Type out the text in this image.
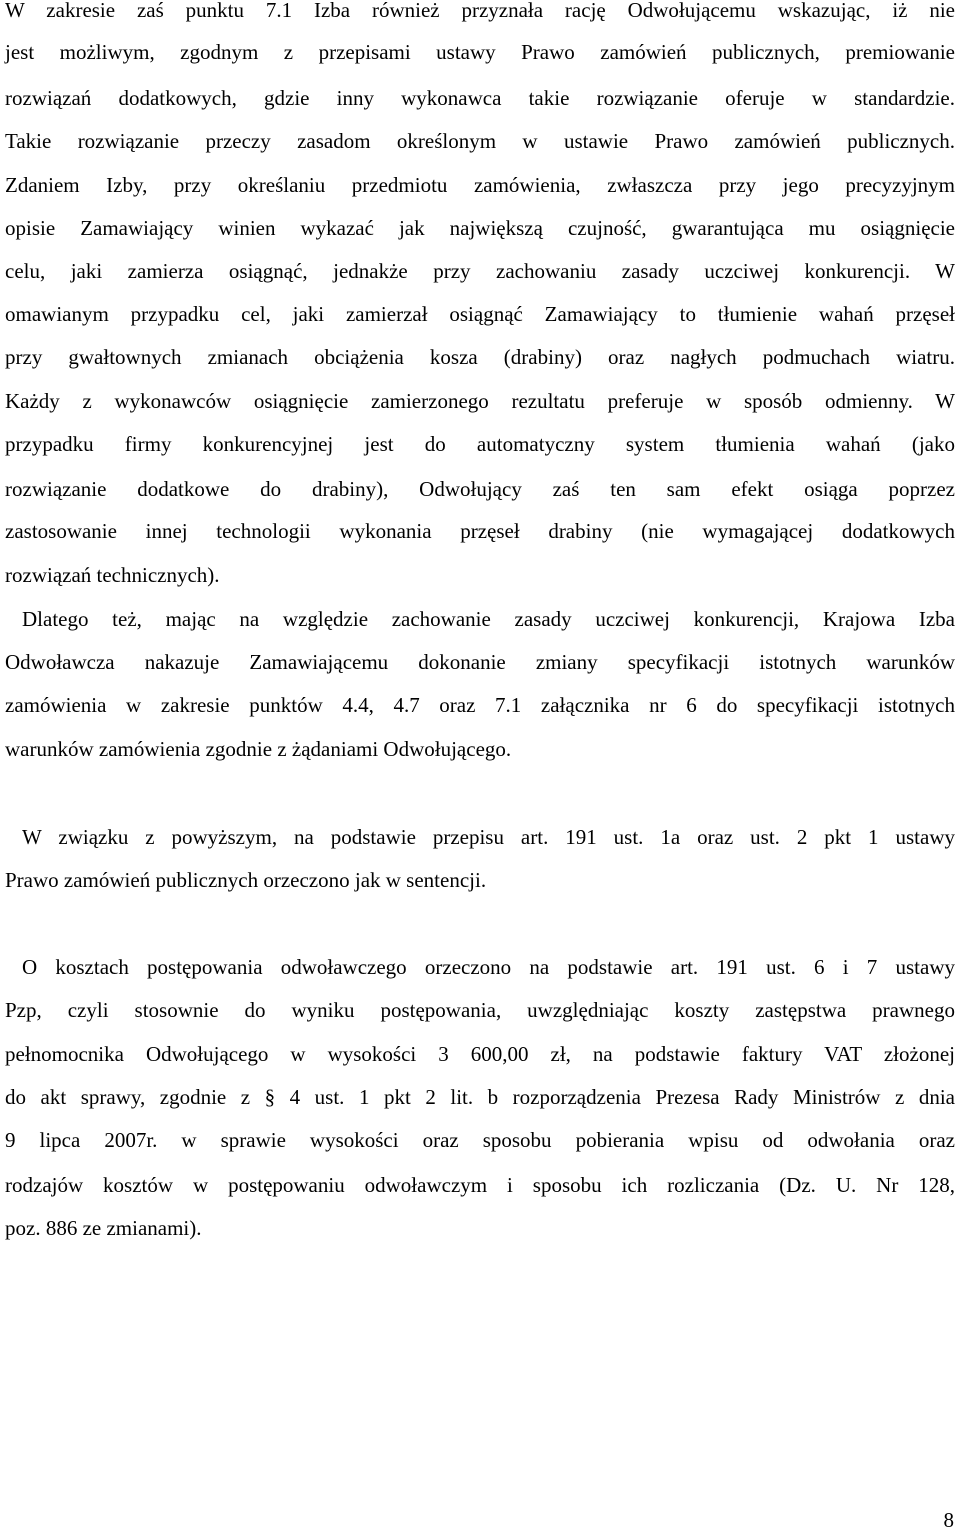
W zakresie zaś punktu 7.1 Izba również przyznała rację Odwołującemu wskazując, iż nie
jest możliwym, zgodnym z przepisami ustawy Prawo zamówień publicznych, premiowanie
rozwiązań dodatkowych, gdzie inny wykonawca takie rozwiązanie oferuje w standardzie.
Takie rozwiązanie przeczy zasadom określonym w ustawie Prawo zamówień publicznych.
Zdaniem Izby, przy określaniu przedmiotu zamówienia, zwłaszcza przy jego precyzyjnym
opisie Zamawiający winien wykazać jak największą czujność, gwarantująca mu osiągnięcie
celu, jaki zamierza osiągnąć, jednakże przy zachowaniu zasady uczciwej konkurencji. W
omawianym przypadku cel, jaki zamierzał osiągnąć Zamawiający to tłumienie wahań przęseł
przy gwałtownych zmianach obciążenia kosza (drabiny) oraz nagłych podmuchach wiatru.
Każdy z wykonawców osiągnięcie zamierzonego rezultatu preferuje w sposób odmienny. W
przypadku firmy konkurencyjnej jest do automatyczny system tłumienia wahań (jako
rozwiązanie dodatkowe do drabiny), Odwołujący zaś ten sam efekt osiąga poprzez
zastosowanie innej technologii wykonania przęseł drabiny (nie wymagającej dodatkowych
rozwiązań technicznych).
Dlatego też, mając na względzie zachowanie zasady uczciwej konkurencji, Krajowa Izba
Odwoławcza nakazuje Zamawiającemu dokonanie zmiany specyfikacji istotnych warunków
zamówienia w zakresie punktów 4.4, 4.7 oraz 7.1 załącznika nr 6 do specyfikacji istotnych
warunków zamówienia zgodnie z żądaniami Odwołującego.
W związku z powyższym, na podstawie przepisu art. 191 ust. 1a oraz ust. 2 pkt 1 ustawy
Prawo zamówień publicznych orzeczono jak w sentencji.
O kosztach postępowania odwoławczego orzeczono na podstawie art. 191 ust. 6 i 7 ustawy
Pzp, czyli stosownie do wyniku postępowania, uwzględniając koszty zastępstwa prawnego
pełnomocnika Odwołującego w wysokości 3 600,00 zł, na podstawie faktury VAT złożonej
do akt sprawy, zgodnie z § 4 ust. 1 pkt 2 lit. b rozporządzenia Prezesa Rady Ministrów z dnia
9 lipca 2007r. w sprawie wysokości oraz sposobu pobierania wpisu od odwołania oraz
rodzajów kosztów w postępowaniu odwoławczym i sposobu ich rozliczania (Dz. U. Nr 128,
poz. 886 ze zmianami).
8
